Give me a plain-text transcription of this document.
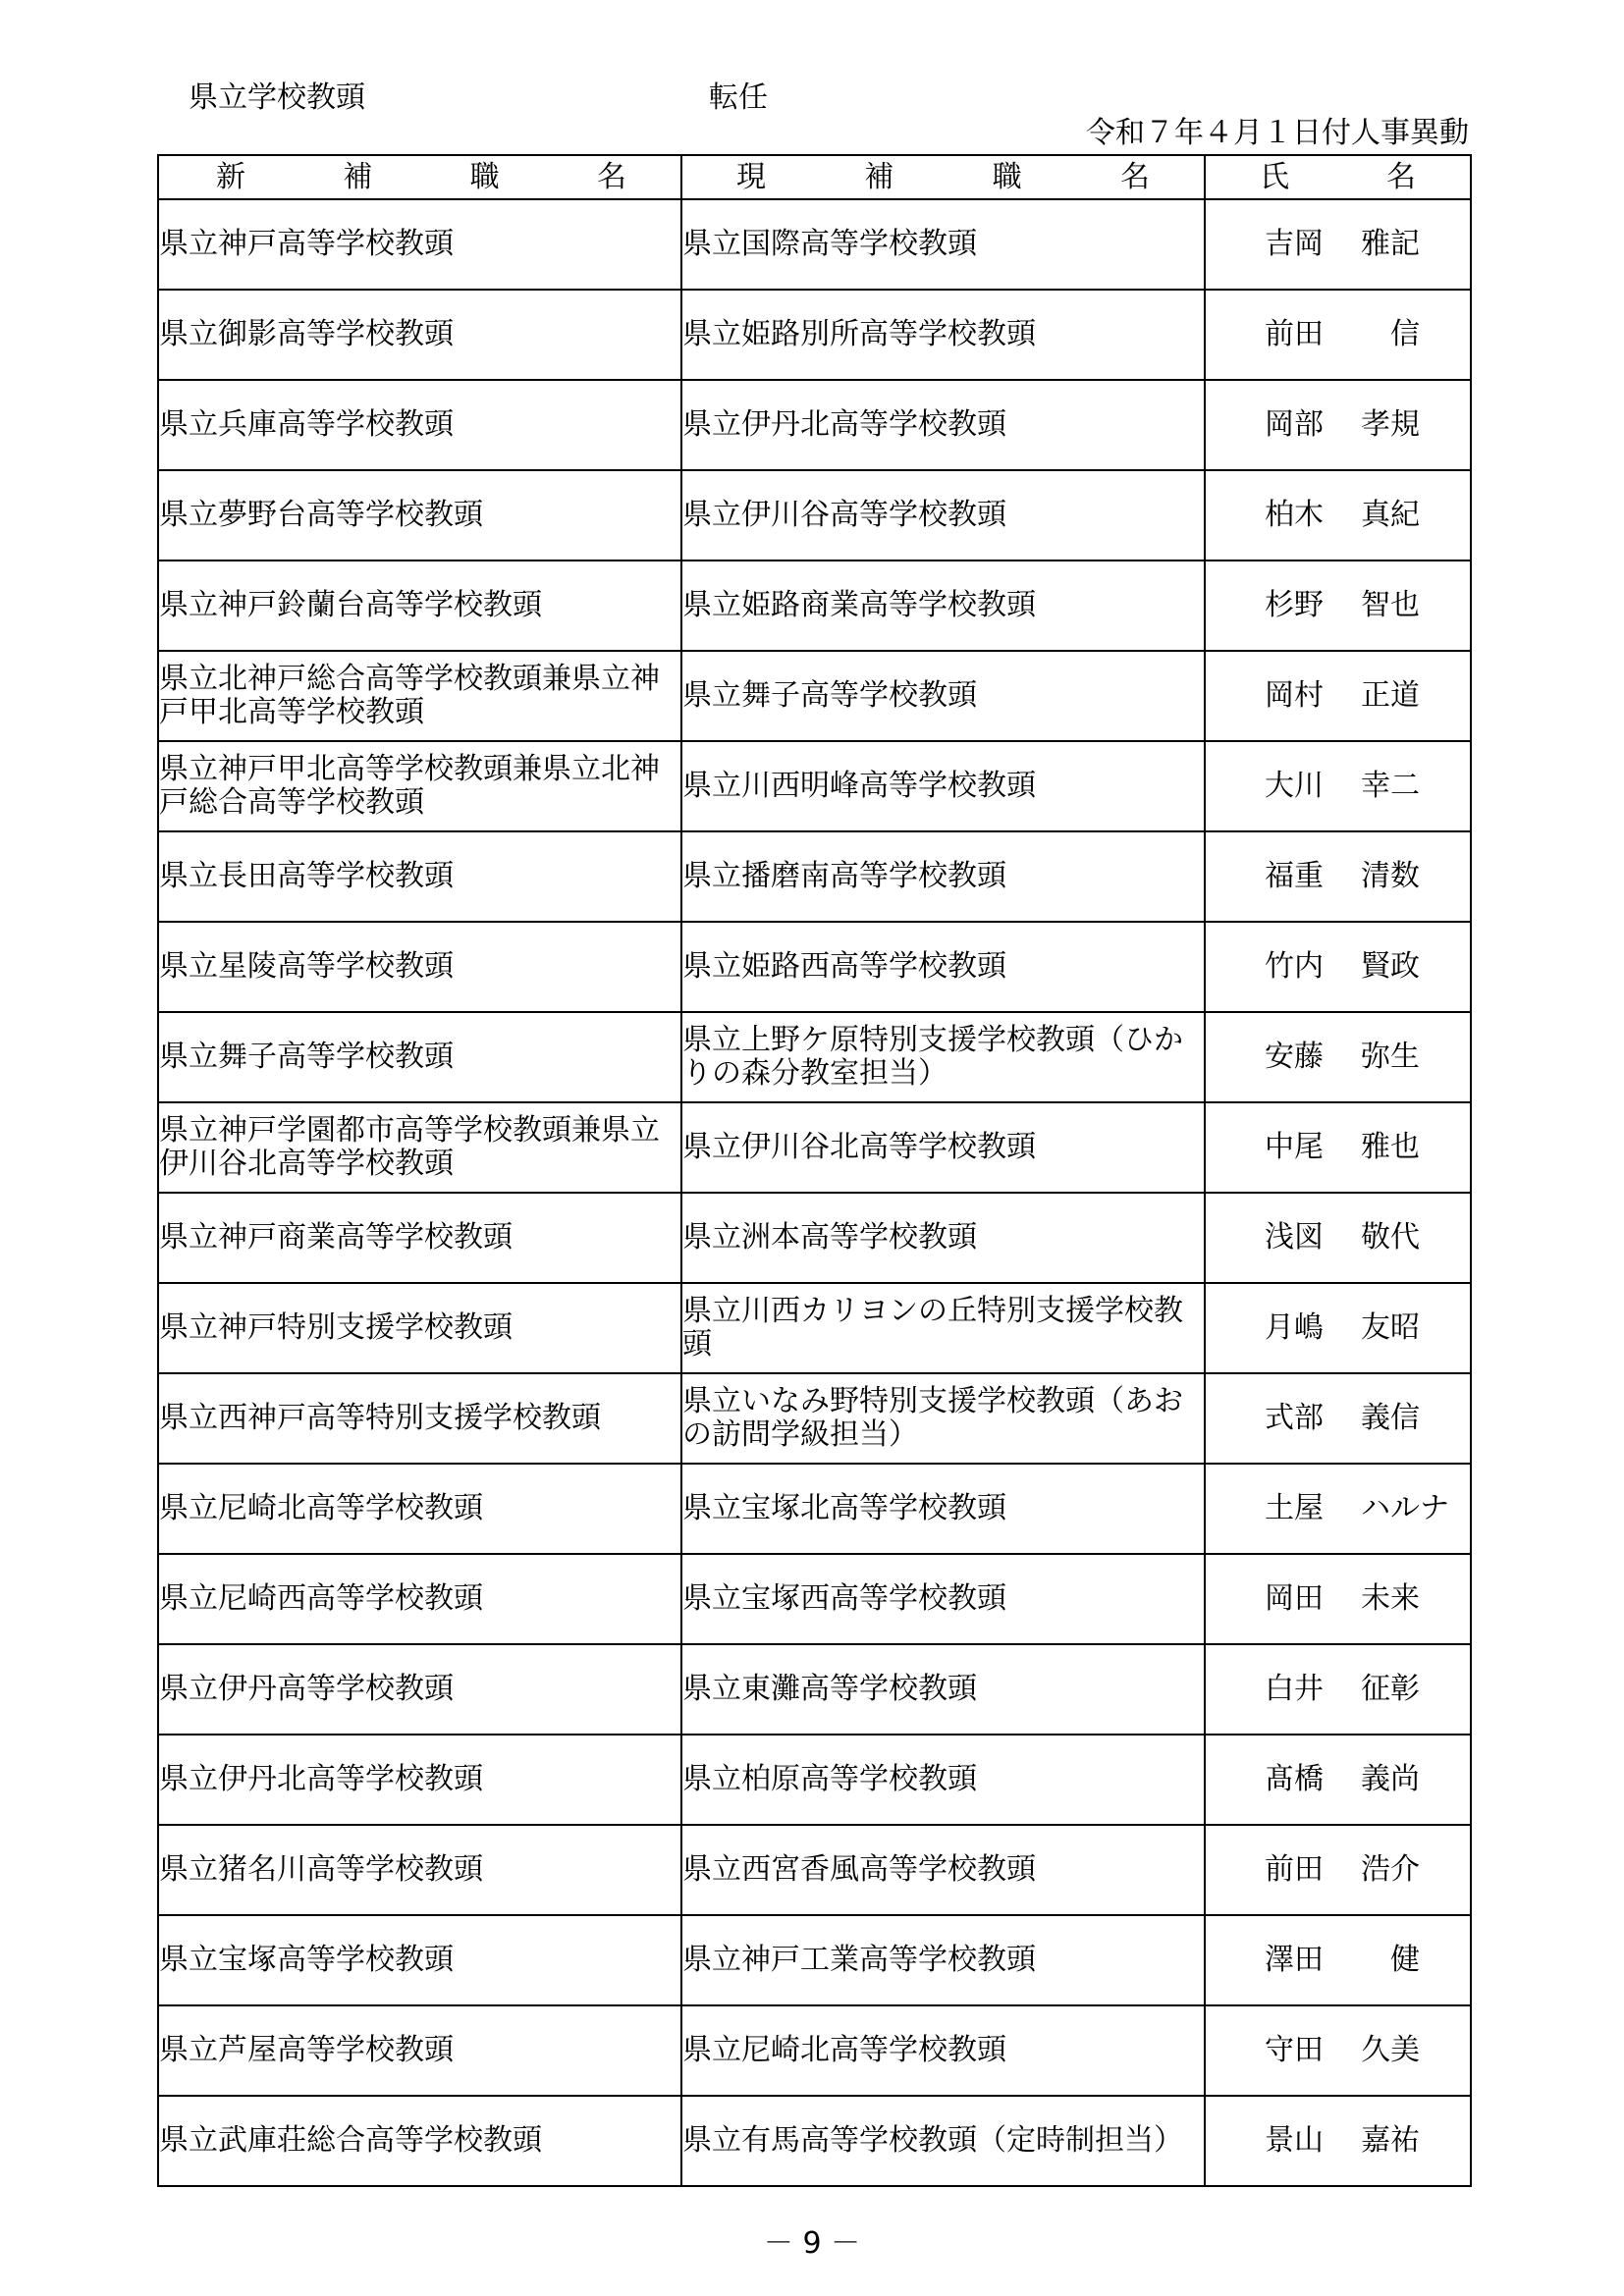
県立学校教頭	転任
令和７年４月１日付人事異動
新 補 職 名	現 補 職 名	氏 名

県立神戸高等学校教頭	県立国際高等学校教頭	吉岡 雅記

県立御影高等学校教頭	県立姫路別所高等学校教頭	前田 　信

県立兵庫高等学校教頭	県立伊丹北高等学校教頭	岡部 孝規

県立夢野台高等学校教頭	県立伊川谷高等学校教頭	柏木 真紀

県立神戸鈴蘭台高等学校教頭	県立姫路商業高等学校教頭	杉野 智也

県立北神戸総合高等学校教頭兼県立神戸甲北高等学校教頭	県立舞子高等学校教頭	岡村 正道

県立神戸甲北高等学校教頭兼県立北神戸総合高等学校教頭	県立川西明峰高等学校教頭	大川 幸二

県立長田高等学校教頭	県立播磨南高等学校教頭	福重 清数

県立星陵高等学校教頭	県立姫路西高等学校教頭	竹内 賢政

県立舞子高等学校教頭	県立上野ケ原特別支援学校教頭（ひかりの森分教室担当）	安藤 弥生

県立神戸学園都市高等学校教頭兼県立伊川谷北高等学校教頭	県立伊川谷北高等学校教頭	中尾 雅也

県立神戸商業高等学校教頭	県立洲本高等学校教頭	浅図 敬代

県立神戸特別支援学校教頭	県立川西カリヨンの丘特別支援学校教頭	月嶋 友昭

県立西神戸高等特別支援学校教頭	県立いなみ野特別支援学校教頭（あおの訪問学級担当）	式部 義信

県立尼崎北高等学校教頭	県立宝塚北高等学校教頭	土屋 ハルナ

県立尼崎西高等学校教頭	県立宝塚西高等学校教頭	岡田 未来

県立伊丹高等学校教頭	県立東灘高等学校教頭	白井 征彰

県立伊丹北高等学校教頭	県立柏原高等学校教頭	髙橋 義尚

県立猪名川高等学校教頭	県立西宮香風高等学校教頭	前田 浩介

県立宝塚高等学校教頭	県立神戸工業高等学校教頭	澤田 　健

県立芦屋高等学校教頭	県立尼崎北高等学校教頭	守田 久美

県立武庫荘総合高等学校教頭	県立有馬高等学校教頭（定時制担当）	景山 嘉祐
－ 9 －
